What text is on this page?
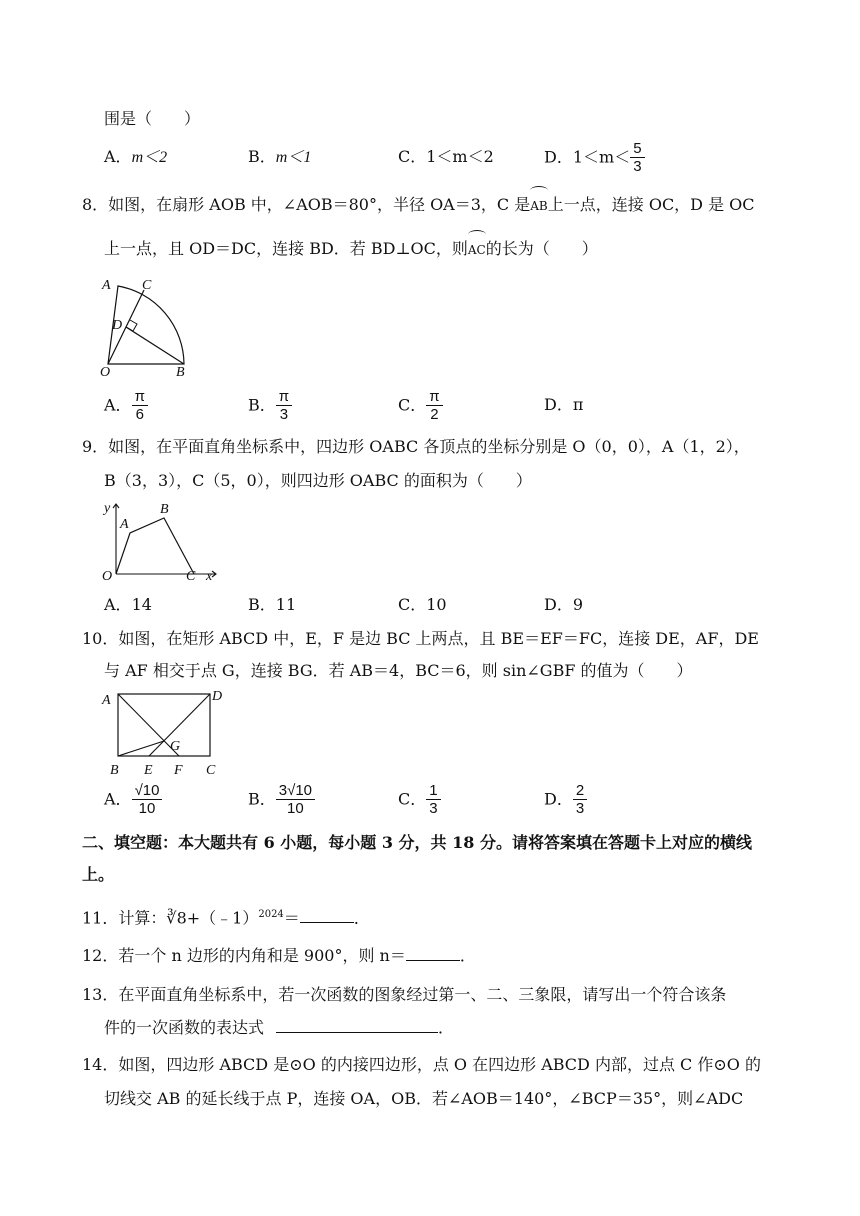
围是（　　）
A．m＜2	B．m＜1	C．1＜m＜2	D．$1<m< \frac{5}{3}$
8．如图，在扇形 AOB 中，∠AOB＝80°，半径 OA＝3，C 是
AB上一点，连接 OC，D 是 OC
上一点，且 OD＝DC，连接 BD．若 BD⊥OC，则
AC的长为（　　）
A C
D
O	B
A． $\frac{\pi}{6}$	B． $\frac{\pi}{3}$	C． $\frac{\pi}{2}$	D．π
9．如图，在平面直角坐标系中，四边形 OABC 各顶点的坐标分别是 O（0，0），A（1，2），
B（3，3），C（5，0），则四边形 OABC 的面积为（　　）
y
A
B
O	C x
A．14	B．11	C．10	D．9
10．如图，在矩形 ABCD 中，E，F 是边 BC 上两点，且 BE＝EF＝FC，连接 DE，AF，DE
与 AF 相交于点 G，连接 BG．若 AB＝4，BC＝6，则 sin∠GBF 的值为（　　）
A	D
G
B E F C
A． $\frac{√10}{10}$	B． $\frac{3√10}{10}$	C． $\frac{1}{3}$	D． $\frac{2}{3}$
二、填空题：本大题共有 6 小题，每小题 3 分，共 18 分。请将答案填在答题卡上对应的横线
上。
11．计算：∛8+（﹣1）$^{2024}$＝	．
12．若一个 n 边形的内角和是 900°，则 n＝	．
13．在平面直角坐标系中，若一次函数的图象经过第一、二、三象限，请写出一个符合该条
件的一次函数的表达式	．
14．如图，四边形 ABCD 是⊙O 的内接四边形，点 O 在四边形 ABCD 内部，过点 C 作⊙O 的
切线交 AB 的延长线于点 P，连接 OA，OB．若∠AOB＝140°，∠BCP＝35°，则∠ADC
